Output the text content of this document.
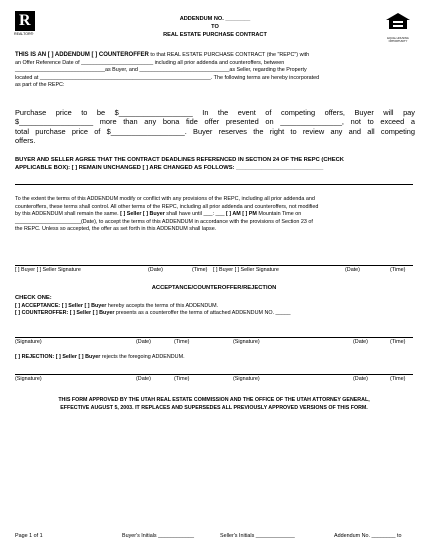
R
REALTOR®
ADDENDUM NO. ________
TO
REAL ESTATE PURCHASE CONTRACT
EQUAL HOUSING OPPORTUNITY
THIS IS AN [ ] ADDENDUM [ ] COUNTEROFFER to that REAL ESTATE PURCHASE CONTRACT (the "REPC") with
an Offer Reference Date of ________________________ including all prior addenda and counteroffers, between
______________________________as Buyer, and ______________________________as Seller, regarding the Property
located at _________________________________________________________. The following terms are hereby incorporated
as part of the REPC:
Purchase price to be $__________________ In the event of competing offers, Buyer will pay
$__________________ more than any bona fide offer presented on _______________, not to exceed a
total purchase price of $__________________. Buyer reserves the right to review any and all competing
offers.
BUYER AND SELLER AGREE THAT THE CONTRACT DEADLINES REFERENCED IN SECTION 24 OF THE REPC (CHECK
APPLICABLE BOX): [ ] REMAIN UNCHANGED [ ] ARE CHANGED AS FOLLOWS: ___________________________
To the extent the terms of this ADDENDUM modify or conflict with any provisions of the REPC, including all prior addenda and
counteroffers, these terms shall control. All other terms of the REPC, including all prior addenda and counteroffers, not modified
by this ADDENDUM shall remain the same. [ ] Seller [ ] Buyer shall have until ___: ___ [ ] AM [ ] PM Mountain Time on
______________________(Date), to accept the terms of this ADDENDUM in accordance with the provisions of Section 23 of
the REPC. Unless so accepted, the offer as set forth in this ADDENDUM shall lapse.
[ ] Buyer [ ] Seller Signature	(Date)	(Time) [ ] Buyer [ ] Seller Signature	(Date)	(Time)
ACCEPTANCE/COUNTEROFFER/REJECTION
CHECK ONE:
[ ] ACCEPTANCE: [ ] Seller [ ] Buyer hereby accepts the terms of this ADDENDUM.
[ ] COUNTEROFFER: [ ] Seller [ ] Buyer presents as a counteroffer the terms of attached ADDENDUM NO. _____
(Signature)	(Date)	(Time)	(Signature)	(Date)	(Time)
[ ] REJECTION: [ ] Seller [ ] Buyer rejects the foregoing ADDENDUM.
(Signature)	(Date)	(Time)	(Signature)	(Date)	(Time)
THIS FORM APPROVED BY THE UTAH REAL ESTATE COMMISSION AND THE OFFICE OF THE UTAH ATTORNEY GENERAL,
EFFECTIVE AUGUST 5, 2003. IT REPLACES AND SUPERSEDES ALL PREVIOUSLY APPROVED VERSIONS OF THIS FORM.
Page 1 of 1	Buyer's Initials ____________	Seller's Initials _____________	Addendum No. ________ to
